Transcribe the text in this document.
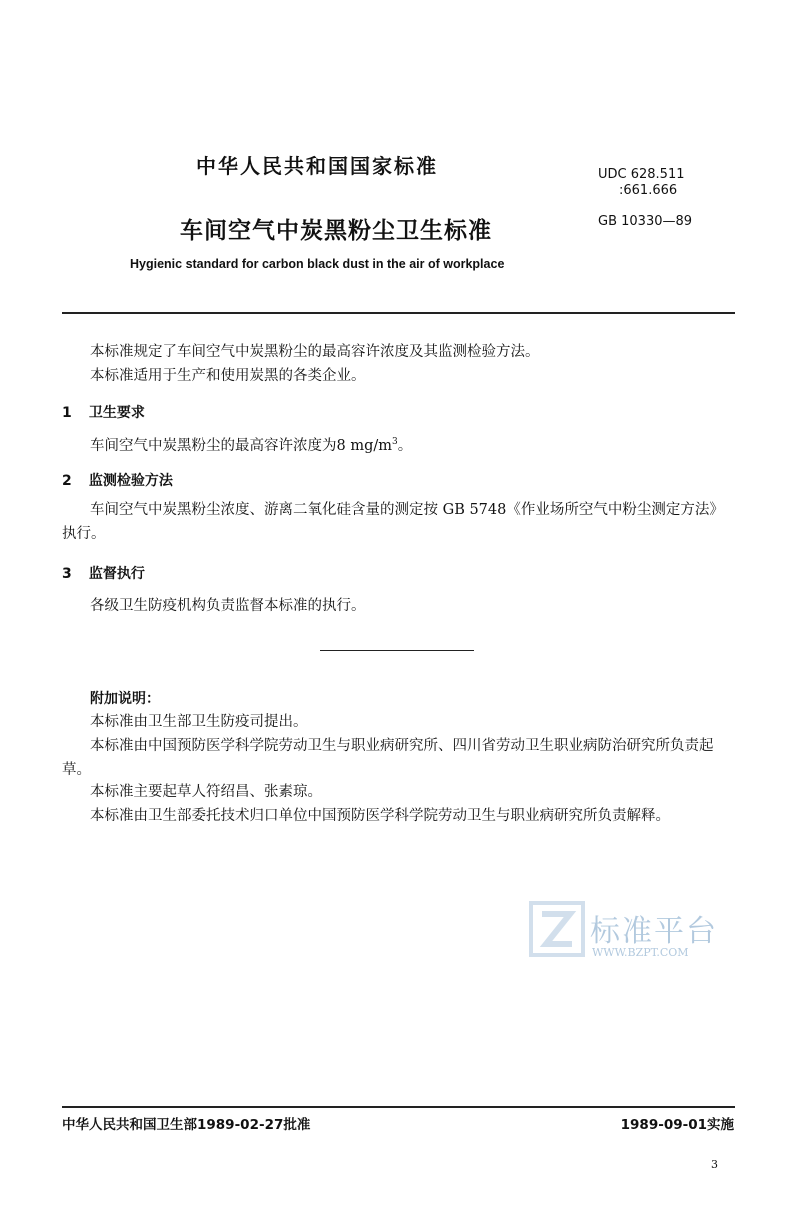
中华人民共和国国家标准	UDC 628.511
:661.666
车间空气中炭黑粉尘卫生标准	GB 10330—89
Hygienic standard for carbon black dust in the air of workplace
本标准规定了车间空气中炭黑粉尘的最高容许浓度及其监测检验方法。
本标准适用于生产和使用炭黑的各类企业。
1 卫生要求
车间空气中炭黑粉尘的最高容许浓度为8 $mg/m^3$。
2 监测检验方法
车间空气中炭黑粉尘浓度、游离二氧化硅含量的测定按 GB 5748《作业场所空气中粉尘测定方法》执行。
3 监督执行
各级卫生防疫机构负责监督本标准的执行。
附加说明：
本标准由卫生部卫生防疫司提出。
本标准由中国预防医学科学院劳动卫生与职业病研究所、四川省劳动卫生职业病防治研究所负责起草。
本标准主要起草人符绍昌、张素琼。
本标准由卫生部委托技术归口单位中国预防医学科学院劳动卫生与职业病研究所负责解释。
标准平台
WWW.BZPT.COM
中华人民共和国卫生部1989-02-27批准	1989-09-01实施
3
